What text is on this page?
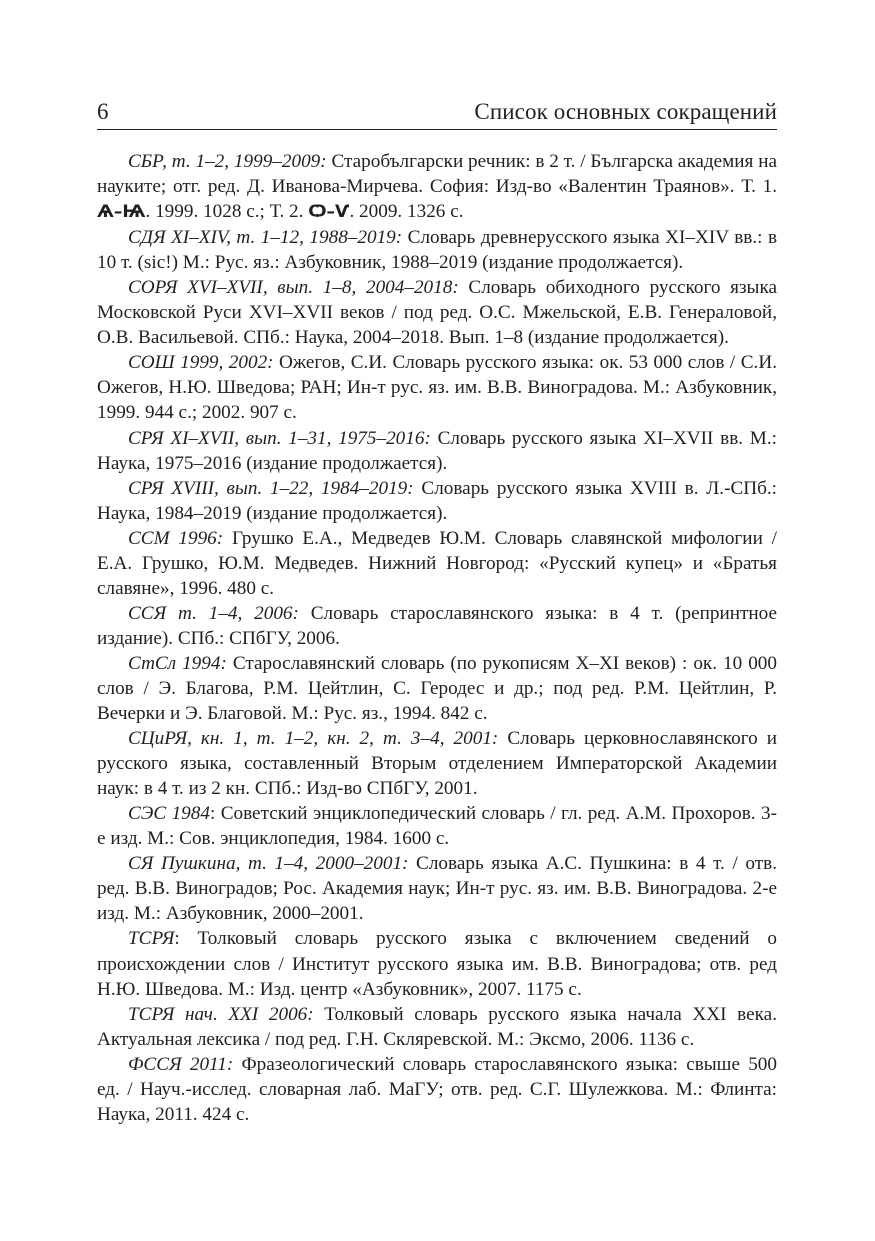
6	Список основных сокращений

СБР, т. 1–2, 1999–2009: Старобългарски речник: в 2 т. / Българска академия на науките; отг. ред. Д. Иванова-Мирчева. София: Изд-во «Валентин Траянов». Т. 1. Ѧ–Ѩ. 1999. 1028 с.; Т. 2. Ѻ–Ѵ. 2009. 1326 с.

СДЯ XI–XIV, т. 1–12, 1988–2019: Словарь древнерусского языка XI–XIV вв.: в 10 т. (sic!) М.: Рус. яз.: Азбуковник, 1988–2019 (издание продолжается).

СОРЯ XVI–XVII, вып. 1–8, 2004–2018: Словарь обиходного русского языка Московской Руси XVI–XVII веков / под ред. О.С. Мжельской, Е.В. Генераловой, О.В. Васильевой. СПб.: Наука, 2004–2018. Вып. 1–8 (издание продолжается).

СОШ 1999, 2002: Ожегов, С.И. Словарь русского языка: ок. 53 000 слов / С.И. Ожегов, Н.Ю. Шведова; РАН; Ин-т рус. яз. им. В.В. Виноградова. М.: Азбуковник, 1999. 944 с.; 2002. 907 с.

СРЯ XI–XVII, вып. 1–31, 1975–2016: Словарь русского языка XI–XVII вв. М.: Наука, 1975–2016 (издание продолжается).

СРЯ XVIII, вып. 1–22, 1984–2019: Словарь русского языка XVIII в. Л.-СПб.: Наука, 1984–2019 (издание продолжается).

ССМ 1996: Грушко Е.А., Медведев Ю.М. Словарь славянской мифологии / Е.А. Грушко, Ю.М. Медведев. Нижний Новгород: «Русский купец» и «Братья славяне», 1996. 480 с.

ССЯ т. 1–4, 2006: Словарь старославянского языка: в 4 т. (репринтное издание). СПб.: СПбГУ, 2006.

СтСл 1994: Старославянский словарь (по рукописям X–XI веков) : ок. 10 000 слов / Э. Благова, Р.М. Цейтлин, С. Геродес и др.; под ред. Р.М. Цейтлин, Р. Вечерки и Э. Благовой. М.: Рус. яз., 1994. 842 с.

СЦиРЯ, кн. 1, т. 1–2, кн. 2, т. 3–4, 2001: Словарь церковнославянского и русского языка, составленный Вторым отделением Императорской Академии наук: в 4 т. из 2 кн. СПб.: Изд-во СПбГУ, 2001.

СЭС 1984: Советский энциклопедический словарь / гл. ред. А.М. Прохоров. 3-е изд. М.: Сов. энциклопедия, 1984. 1600 с.

СЯ Пушкина, т. 1–4, 2000–2001: Словарь языка А.С. Пушкина: в 4 т. / отв. ред. В.В. Виноградов; Рос. Академия наук; Ин-т рус. яз. им. В.В. Виноградова. 2-е изд. М.: Азбуковник, 2000–2001.

ТСРЯ: Толковый словарь русского языка с включением сведений о происхождении слов / Институт русского языка им. В.В. Виноградова; отв. ред Н.Ю. Шведова. М.: Изд. центр «Азбуковник», 2007. 1175 с.

ТСРЯ нач. XXI 2006: Толковый словарь русского языка начала XXI века. Актуальная лексика / под ред. Г.Н. Скляревской. М.: Эксмо, 2006. 1136 с.

ФССЯ 2011: Фразеологический словарь старославянского языка: свыше 500 ед. / Науч.-исслед. словарная лаб. МаГУ; отв. ред. С.Г. Шулежкова. М.: Флинта: Наука, 2011. 424 с.
